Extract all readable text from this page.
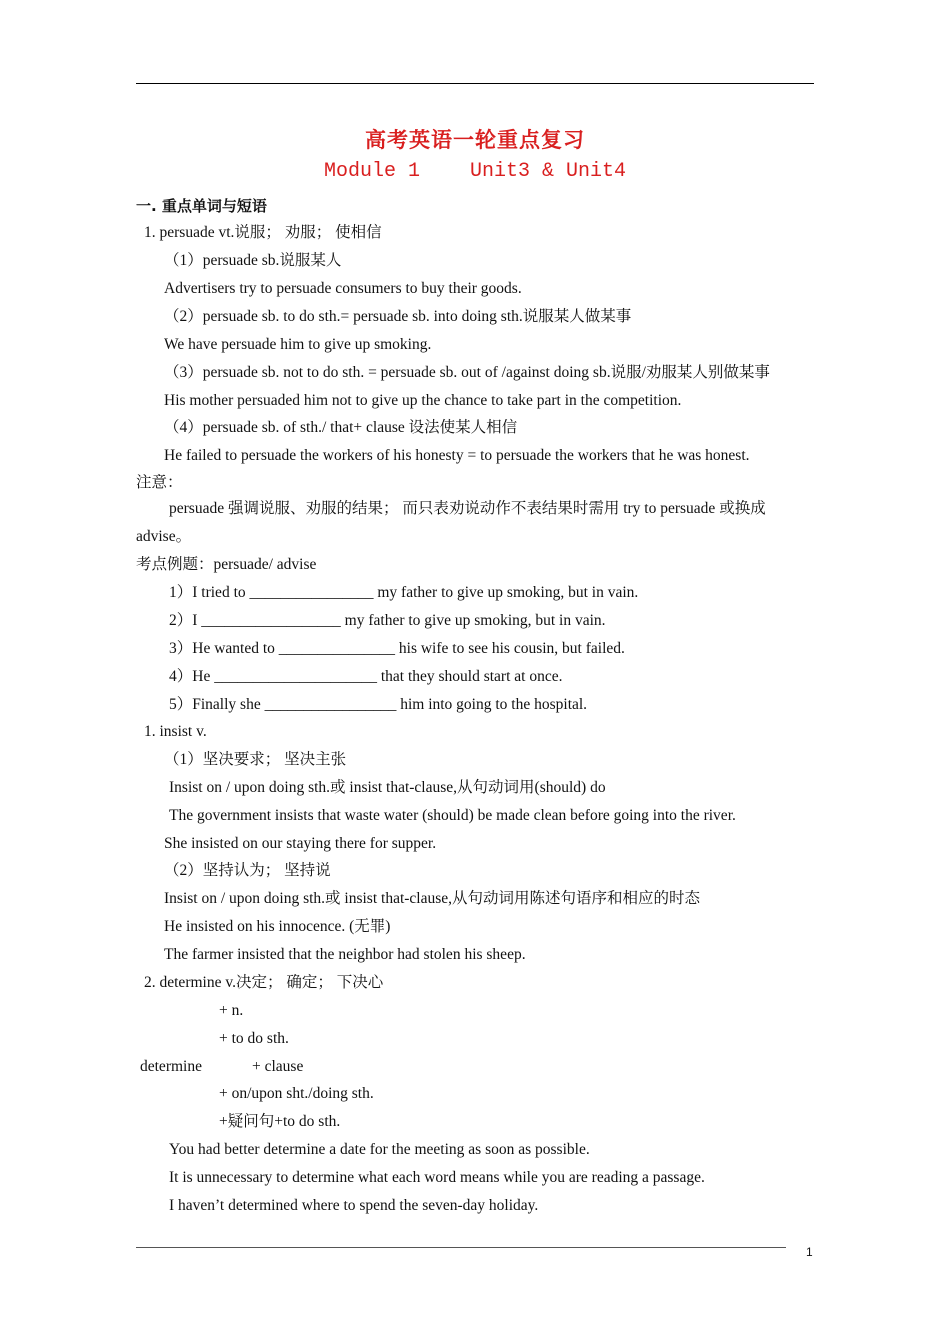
高考英语一轮重点复习
Module 1	Unit3 & Unit4
一. 重点单词与短语
1. persuade vt.说服； 劝服； 使相信
（1）persuade sb.说服某人
Advertisers try to persuade consumers to buy their goods.
（2）persuade sb. to do sth.= persuade sb. into doing sth.说服某人做某事
We have persuade him to give up smoking.
（3）persuade sb. not to do sth. = persuade sb. out of /against doing sb.说服/劝服某人别做某事
His mother persuaded him not to give up the chance to take part in the competition.
（4）persuade sb. of sth./ that+ clause 设法使某人相信
He failed to persuade the workers of his honesty = to persuade the workers that he was honest.
注意：
persuade 强调说服、劝服的结果； 而只表劝说动作不表结果时需用 try to persuade 或换成
advise。
考点例题：persuade/ advise
1）I tried to ________________ my father to give up smoking, but in vain.
2）I __________________ my father to give up smoking, but in vain.
3）He wanted to _______________ his wife to see his cousin, but failed.
4）He _____________________ that they should start at once.
5）Finally she _________________ him into going to the hospital.
1. insist v.
（1）坚决要求； 坚决主张
Insist on / upon doing sth.或 insist that-clause,从句动词用(should) do
The government insists that waste water (should) be made clean before going into the river.
She insisted on our staying there for supper.
（2）坚持认为； 坚持说
Insist on / upon doing sth.或 insist that-clause,从句动词用陈述句语序和相应的时态
He insisted on his innocence. (无罪)
The farmer insisted that the neighbor had stolen his sheep.
2. determine v.决定； 确定； 下决心
+ n.
+ to do sth.
determine	+ clause
+ on/upon sht./doing sth.
+疑问句+to do sth.
You had better determine a date for the meeting as soon as possible.
It is unnecessary to determine what each word means while you are reading a passage.
I haven’t determined where to spend the seven-day holiday.
1
